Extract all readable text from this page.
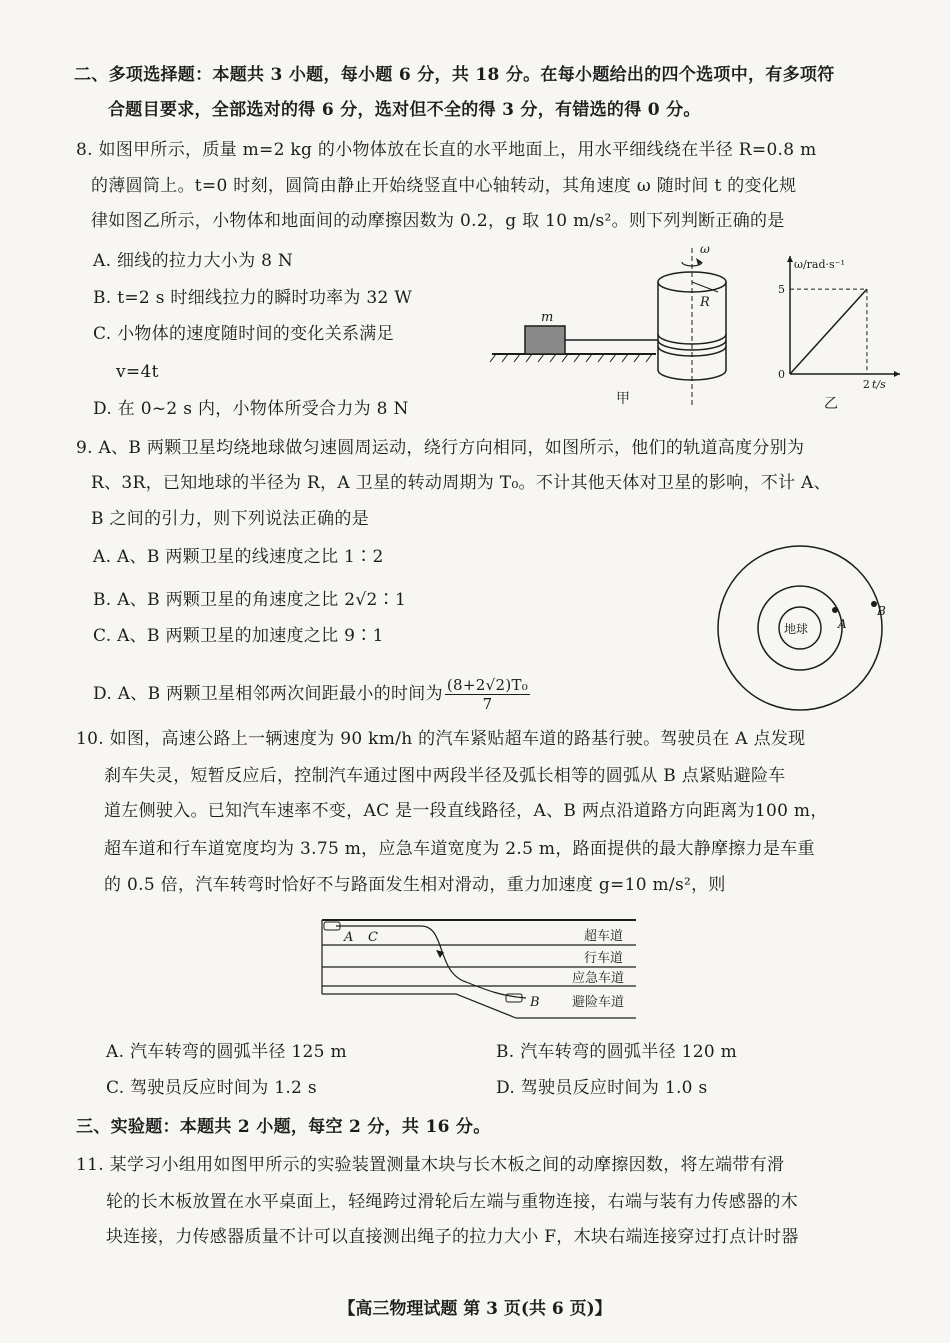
二、多项选择题：本题共 3 小题，每小题 6 分，共 18 分。在每小题给出的四个选项中，有多项符
合题目要求，全部选对的得 6 分，选对但不全的得 3 分，有错选的得 0 分。
8. 如图甲所示，质量 m=2 kg 的小物体放在长直的水平地面上，用水平细线绕在半径 R=0.8 m
的薄圆筒上。t=0 时刻，圆筒由静止开始绕竖直中心轴转动，其角速度 ω 随时间 t 的变化规
律如图乙所示，小物体和地面间的动摩擦因数为 0.2，g 取 10 m/s²。则下列判断正确的是
A. 细线的拉力大小为 8 N
B. t=2 s 时细线拉力的瞬时功率为 32 W
C. 小物体的速度随时间的变化关系满足
v=4t
D. 在 0~2 s 内，小物体所受合力为 8 N
m
R
ω
甲
ω/rad·s⁻¹
t/s
5
2
0
乙
9. A、B 两颗卫星均绕地球做匀速圆周运动，绕行方向相同，如图所示，他们的轨道高度分别为
R、3R，已知地球的半径为 R，A 卫星的转动周期为 T₀。不计其他天体对卫星的影响，不计 A、
B 之间的引力，则下列说法正确的是
A. A、B 两颗卫星的线速度之比 1∶2
B. A、B 两颗卫星的角速度之比 2√2∶1
C. A、B 两颗卫星的加速度之比 9∶1
D. A、B 两颗卫星相邻两次间距最小的时间为 $\frac{\text{(8+2√2)T₀}}{7}$
地球 A
B
10. 如图，高速公路上一辆速度为 90 km/h 的汽车紧贴超车道的路基行驶。驾驶员在 A 点发现
刹车失灵，短暂反应后，控制汽车通过图中两段半径及弧长相等的圆弧从 B 点紧贴避险车
道左侧驶入。已知汽车速率不变，AC 是一段直线路径，A、B 两点沿道路方向距离为100 m，
超车道和行车道宽度均为 3.75 m，应急车道宽度为 2.5 m，路面提供的最大静摩擦力是车重
的 0.5 倍，汽车转弯时恰好不与路面发生相对滑动，重力加速度 g=10 m/s²，则
A C
B
超车道
行车道
应急车道
避险车道
A. 汽车转弯的圆弧半径 125 m	B. 汽车转弯的圆弧半径 120 m
C. 驾驶员反应时间为 1.2 s	D. 驾驶员反应时间为 1.0 s
三、实验题：本题共 2 小题，每空 2 分，共 16 分。
11. 某学习小组用如图甲所示的实验装置测量木块与长木板之间的动摩擦因数，将左端带有滑
轮的长木板放置在水平桌面上，轻绳跨过滑轮后左端与重物连接，右端与装有力传感器的木
块连接，力传感器质量不计可以直接测出绳子的拉力大小 F，木块右端连接穿过打点计时器
【高三物理试题 第 3 页(共 6 页)】
